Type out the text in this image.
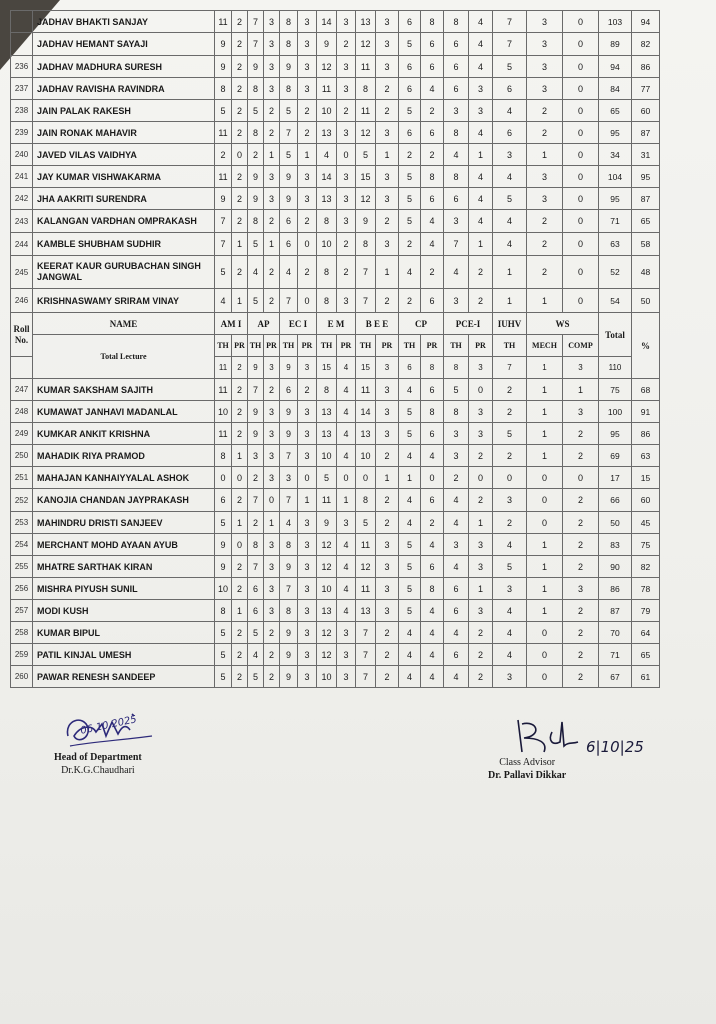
	JADHAV BHAKTI SANJAY	11	2	7	3	8	3	14	3	13	3	6	8	8	4	7	3	0	103	94
	JADHAV HEMANT SAYAJI	9	2	7	3	8	3	9	2	12	3	5	6	6	4	7	3	0	89	82
236	JADHAV MADHURA SURESH	9	2	9	3	9	3	12	3	11	3	6	6	6	4	5	3	0	94	86
237	JADHAV RAVISHA RAVINDRA	8	2	8	3	8	3	11	3	8	2	6	4	6	3	6	3	0	84	77
238	JAIN PALAK RAKESH	5	2	5	2	5	2	10	2	11	2	5	2	3	3	4	2	0	65	60
239	JAIN RONAK MAHAVIR	11	2	8	2	7	2	13	3	12	3	6	6	8	4	6	2	0	95	87
240	JAVED VILAS VAIDHYA	2	0	2	1	5	1	4	0	5	1	2	2	4	1	3	1	0	34	31
241	JAY KUMAR VISHWAKARMA	11	2	9	3	9	3	14	3	15	3	5	8	8	4	4	3	0	104	95
242	JHA AAKRITI SURENDRA	9	2	9	3	9	3	13	3	12	3	5	6	6	4	5	3	0	95	87
243	KALANGAN VARDHAN OMPRAKASH	7	2	8	2	6	2	8	3	9	2	5	4	3	4	4	2	0	71	65
244	KAMBLE SHUBHAM SUDHIR	7	1	5	1	6	0	10	2	8	3	2	4	7	1	4	2	0	63	58
245	KEERAT KAUR GURUBACHAN SINGH JANGWAL	5	2	4	2	4	2	8	2	7	1	4	2	4	2	1	2	0	52	48
246	KRISHNASWAMY SRIRAM VINAY	4	1	5	2	7	0	8	3	7	2	2	6	3	2	1	1	0	54	50
Roll No.	NAME	AM I		AP		EC I		E M		B E E		CP		PCE-I		IUHV	WS		Total	%
	Total Lecture	TH	PR	TH	PR	TH	PR	TH	PR	TH	PR	TH	PR	TH	PR	TH	MECH	COMP		
		11	2	9	3	9	3	15	4	15	3	6	8	8	3	7	1	3	110	
247	KUMAR SAKSHAM SAJITH	11	2	7	2	6	2	8	4	11	3	4	6	5	0	2	1	1	75	68
248	KUMAWAT JANHAVI MADANLAL	10	2	9	3	9	3	13	4	14	3	5	8	8	3	2	1	3	100	91
249	KUMKAR ANKIT KRISHNA	11	2	9	3	9	3	13	4	13	3	5	6	3	3	5	1	2	95	86
250	MAHADIK RIYA PRAMOD	8	1	3	3	7	3	10	4	10	2	4	4	3	2	2	1	2	69	63
251	MAHAJAN KANHAIYYALAL ASHOK	0	0	2	3	3	0	5	0	0	1	1	0	2	0	0	0	0	17	15
252	KANOJIA CHANDAN JAYPRAKASH	6	2	7	0	7	1	11	1	8	2	4	6	4	2	3	0	2	66	60
253	MAHINDRU DRISTI SANJEEV	5	1	2	1	4	3	9	3	5	2	4	2	4	1	2	0	2	50	45
254	MERCHANT MOHD AYAAN AYUB	9	0	8	3	8	3	12	4	11	3	5	4	3	3	4	1	2	83	75
255	MHATRE SARTHAK KIRAN	9	2	7	3	9	3	12	4	12	3	5	6	4	3	5	1	2	90	82
256	MISHRA PIYUSH SUNIL	10	2	6	3	7	3	10	4	11	3	5	8	6	1	3	1	3	86	78
257	MODI KUSH	8	1	6	3	8	3	13	4	13	3	5	4	6	3	4	1	2	87	79
258	KUMAR BIPUL	5	2	5	2	9	3	12	3	7	2	4	4	4	2	4	0	2	70	64
259	PATIL KINJAL UMESH	5	2	4	2	9	3	12	3	7	2	4	4	6	2	4	0	2	71	65
260	PAWAR RENESH SANDEEP	5	2	5	2	9	3	10	3	7	2	4	4	4	2	3	0	2	67	61
06.10.2025
Head of Department
Dr.K.G.Chaudhari
6|10|25
Class Advisor
Dr. Pallavi Dikkar
